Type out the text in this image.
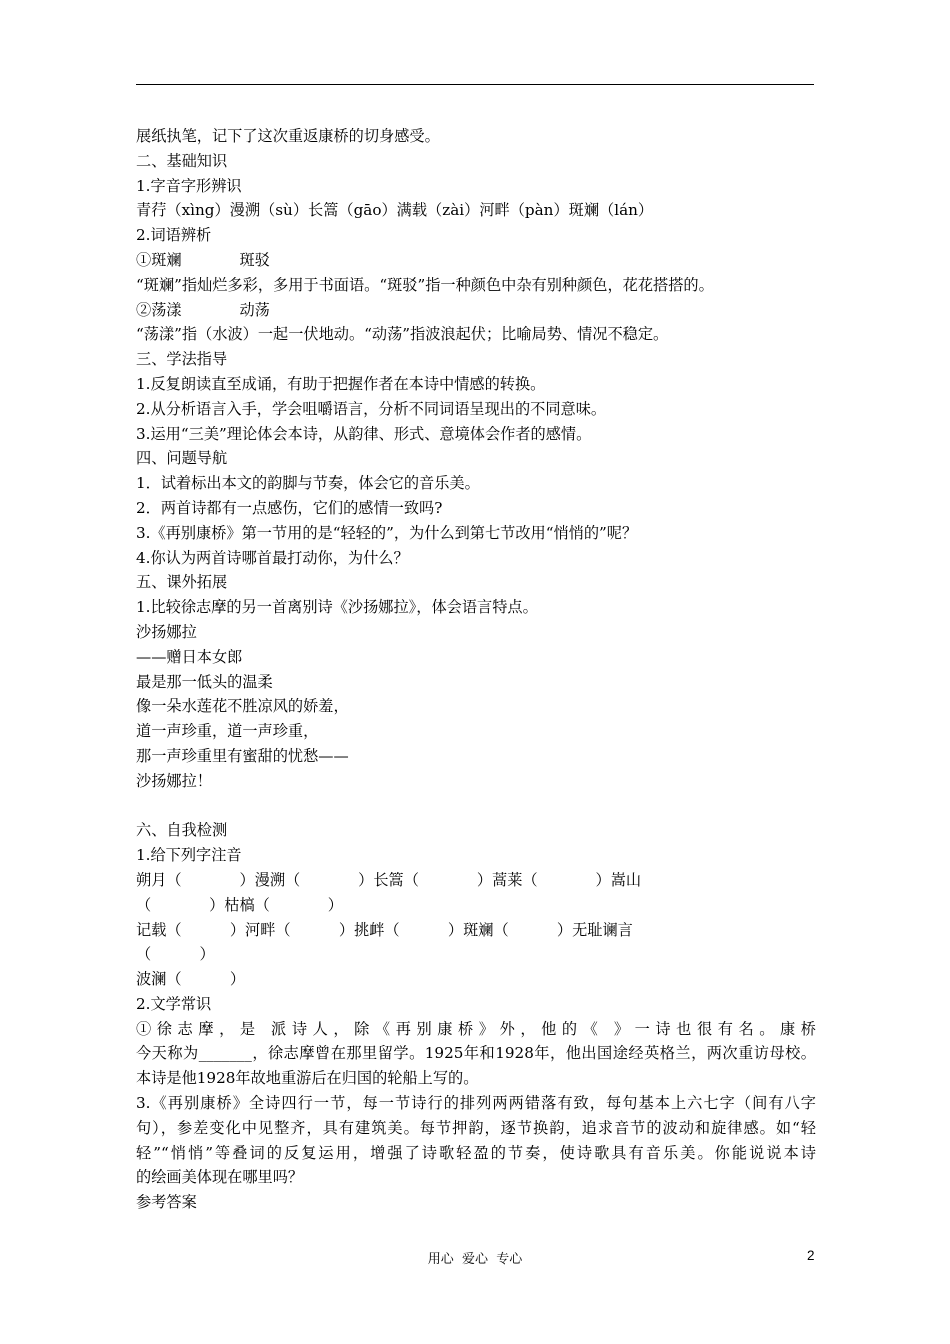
展纸执笔，记下了这次重返康桥的切身感受。
二、基础知识
1.字音字形辨识
青荇（xìng）漫溯（sù）长篙（gāo）满载（zài）河畔（pàn）斑斓（lán）
2.词语辨析
①斑斓            斑驳
“斑斓”指灿烂多彩，多用于书面语。“斑驳”指一种颜色中杂有别种颜色，花花搭搭的。
②荡漾            动荡
“荡漾”指（水波）一起一伏地动。“动荡”指波浪起伏；比喻局势、情况不稳定。
三、学法指导
1.反复朗读直至成诵，有助于把握作者在本诗中情感的转换。
2.从分析语言入手，学会咀嚼语言，分析不同词语呈现出的不同意味。
3.运用“三美”理论体会本诗，从韵律、形式、意境体会作者的感情。
四、问题导航
1．试着标出本文的韵脚与节奏，体会它的音乐美。
2．两首诗都有一点感伤，它们的感情一致吗?
3.《再别康桥》第一节用的是“轻轻的”，为什么到第七节改用“悄悄的”呢？
4.你认为两首诗哪首最打动你，为什么？
五、课外拓展
1.比较徐志摩的另一首离别诗《沙扬娜拉》，体会语言特点。
沙扬娜拉
——赠日本女郎
最是那一低头的温柔
像一朵水莲花不胜凉风的娇羞，
道一声珍重，道一声珍重，
那一声珍重里有蜜甜的忧愁——
沙扬娜拉！
六、自我检测
1.给下列字注音
朔月（            ）漫溯（            ）长篙（            ）蒿莱（            ）嵩山
（            ）枯槁（            ）
记载（          ）河畔（          ）挑衅（          ）斑斓（          ）无耻谰言
（          ）
波澜（          ）
2.文学常识
①徐志摩，是 派诗人，除《再别康桥》外，他的《 》一诗也很有名。康桥
今天称为_______，徐志摩曾在那里留学。1925年和1928年，他出国途经英格兰，两次重访母校。
本诗是他1928年故地重游后在归国的轮船上写的。
3.《再别康桥》全诗四行一节，每一节诗行的排列两两错落有致，每句基本上六七字（间有八字
句），参差变化中见整齐，具有建筑美。每节押韵，逐节换韵，追求音节的波动和旋律感。如“轻
轻”“悄悄”等叠词的反复运用，增强了诗歌轻盈的节奏，使诗歌具有音乐美。你能说说本诗
的绘画美体现在哪里吗？
参考答案
用心  爱心  专心	2
